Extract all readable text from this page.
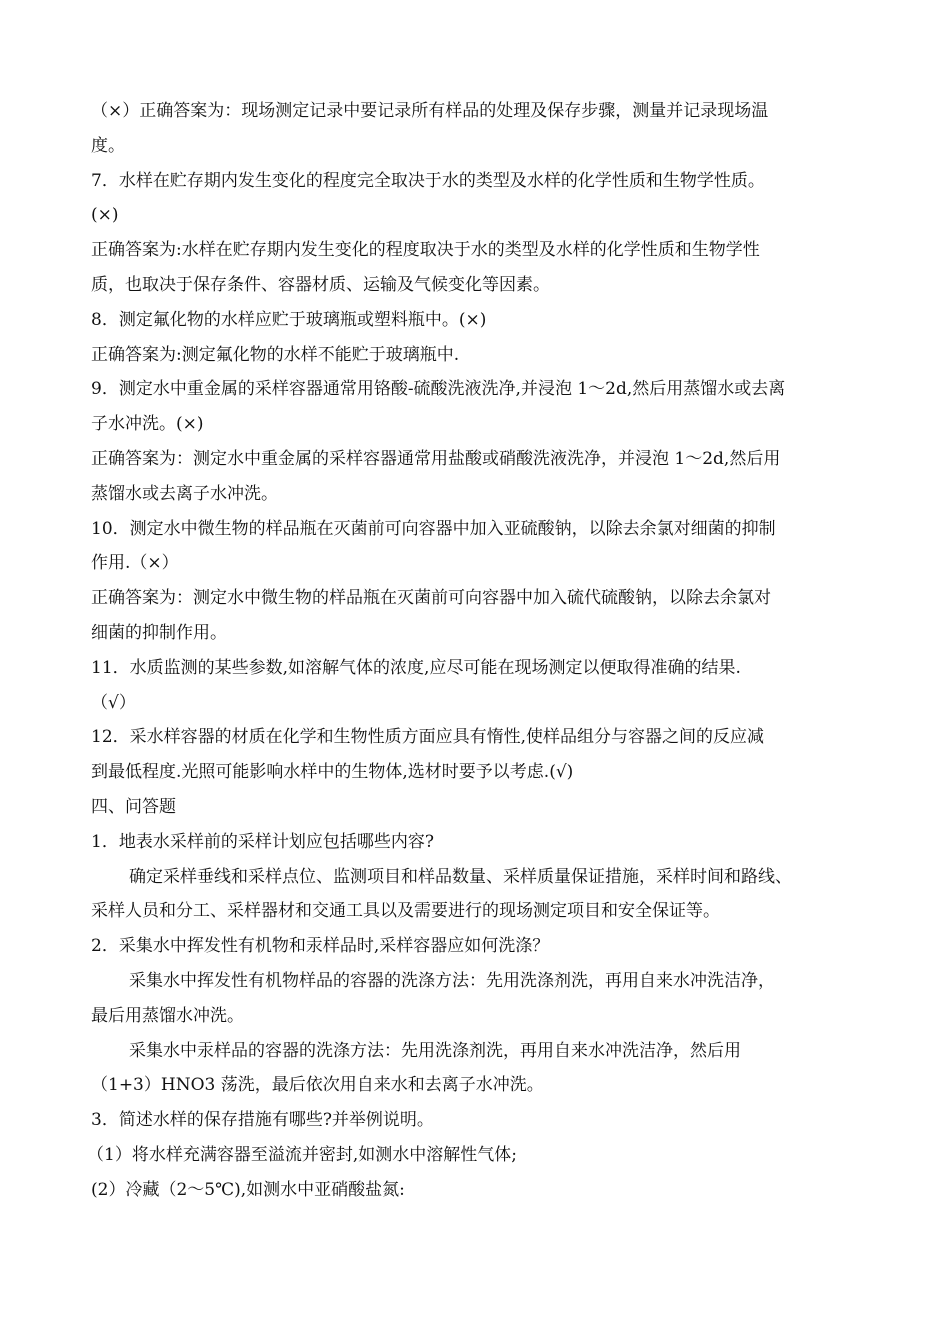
（×）正确答案为：现场测定记录中要记录所有样品的处理及保存步骤，测量并记录现场温
度。
7．水样在贮存期内发生变化的程度完全取决于水的类型及水样的化学性质和生物学性质。
(×)
正确答案为:水样在贮存期内发生变化的程度取决于水的类型及水样的化学性质和生物学性
质，也取决于保存条件、容器材质、运输及气候变化等因素。
8．测定氟化物的水样应贮于玻璃瓶或塑料瓶中。(×)
正确答案为:测定氟化物的水样不能贮于玻璃瓶中.
9．测定水中重金属的采样容器通常用铬酸-硫酸洗液洗净,并浸泡 1～2d,然后用蒸馏水或去离
子水冲洗。(×)
正确答案为：测定水中重金属的采样容器通常用盐酸或硝酸洗液洗净，并浸泡 1～2d,然后用
蒸馏水或去离子水冲洗。
10．测定水中微生物的样品瓶在灭菌前可向容器中加入亚硫酸钠，以除去余氯对细菌的抑制
作用.（×）
正确答案为：测定水中微生物的样品瓶在灭菌前可向容器中加入硫代硫酸钠，以除去余氯对
细菌的抑制作用。
11．水质监测的某些参数,如溶解气体的浓度,应尽可能在现场测定以便取得准确的结果.
（√）
12．采水样容器的材质在化学和生物性质方面应具有惰性,使样品组分与容器之间的反应减
到最低程度.光照可能影响水样中的生物体,选材时要予以考虑.(√)
四、问答题
1．地表水采样前的采样计划应包括哪些内容?
确定采样垂线和采样点位、监测项目和样品数量、采样质量保证措施，采样时间和路线、
采样人员和分工、采样器材和交通工具以及需要进行的现场测定项目和安全保证等。
2．采集水中挥发性有机物和汞样品时,采样容器应如何洗涤？
采集水中挥发性有机物样品的容器的洗涤方法：先用洗涤剂洗，再用自来水冲洗洁净，
最后用蒸馏水冲洗。
采集水中汞样品的容器的洗涤方法：先用洗涤剂洗，再用自来水冲洗洁净，然后用
（1+3）HNO3 荡洗，最后依次用自来水和去离子水冲洗。
3．简述水样的保存措施有哪些?并举例说明。
（1）将水样充满容器至溢流并密封,如测水中溶解性气体;
(2）冷藏（2～5℃),如测水中亚硝酸盐氮:
